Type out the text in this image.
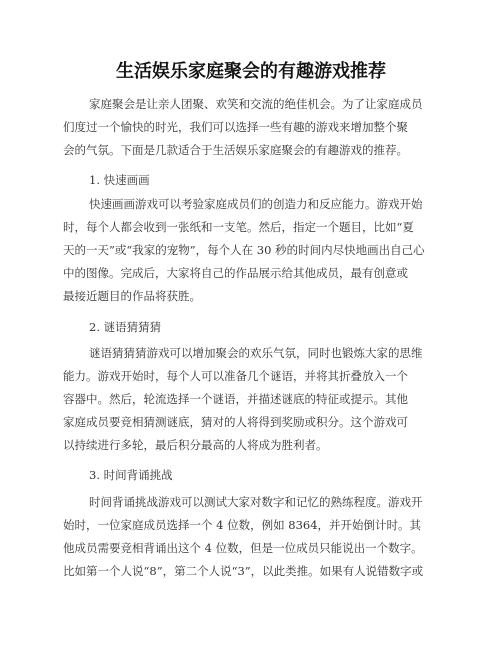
生活娱乐家庭聚会的有趣游戏推荐
家庭聚会是让亲人团聚、欢笑和交流的绝佳机会。为了让家庭成员
们度过一个愉快的时光，我们可以选择一些有趣的游戏来增加整个聚
会的气氛。下面是几款适合于生活娱乐家庭聚会的有趣游戏的推荐。
1. 快速画画
快速画画游戏可以考验家庭成员们的创造力和反应能力。游戏开始
时，每个人都会收到一张纸和一支笔。然后，指定一个题目，比如“夏
天的一天”或“我家的宠物”，每个人在 30 秒的时间内尽快地画出自己心
中的图像。完成后，大家将自己的作品展示给其他成员，最有创意或
最接近题目的作品将获胜。
2. 谜语猜猜猜
谜语猜猜猜游戏可以增加聚会的欢乐气氛，同时也锻炼大家的思维
能力。游戏开始时，每个人可以准备几个谜语，并将其折叠放入一个
容器中。然后，轮流选择一个谜语，并描述谜底的特征或提示。其他
家庭成员要竞相猜测谜底，猜对的人将得到奖励或积分。这个游戏可
以持续进行多轮，最后积分最高的人将成为胜利者。
3. 时间背诵挑战
时间背诵挑战游戏可以测试大家对数字和记忆的熟练程度。游戏开
始时，一位家庭成员选择一个 4 位数，例如 8364，并开始倒计时。其
他成员需要竞相背诵出这个 4 位数，但是一位成员只能说出一个数字。
比如第一个人说“8”，第二个人说“3”，以此类推。如果有人说错数字或
